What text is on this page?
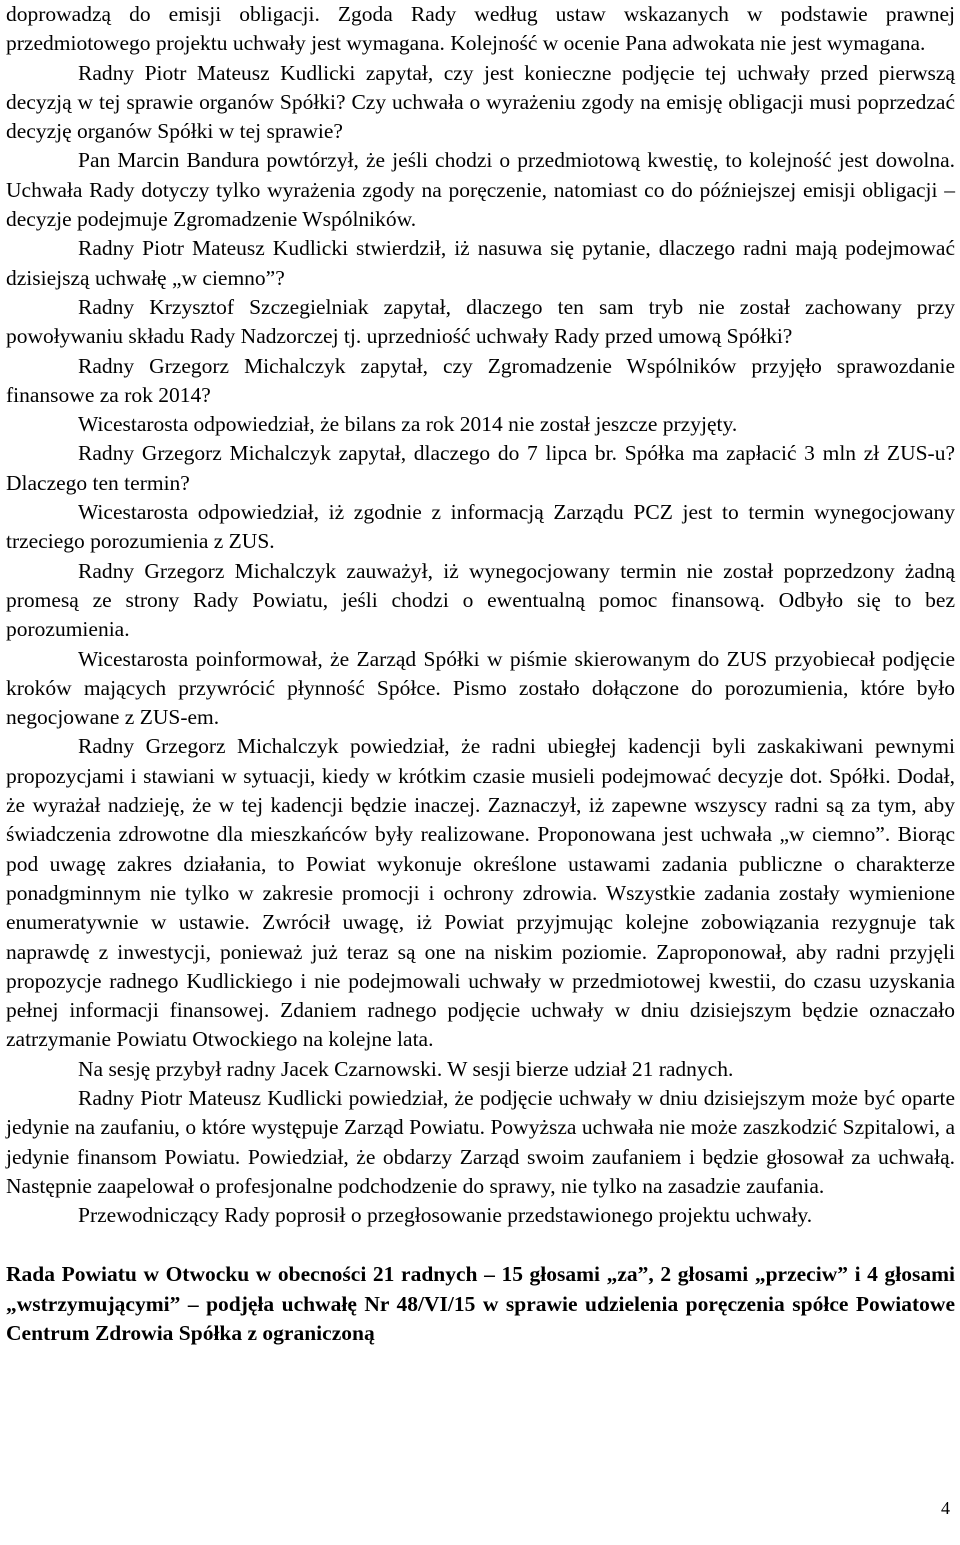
doprowadzą do emisji obligacji. Zgoda Rady według ustaw wskazanych w podstawie prawnej przedmiotowego projektu uchwały jest wymagana. Kolejność w ocenie Pana adwokata nie jest wymagana.

Radny Piotr Mateusz Kudlicki zapytał, czy jest konieczne podjęcie tej uchwały przed pierwszą decyzją w tej sprawie organów Spółki? Czy uchwała o wyrażeniu zgody na emisję obligacji musi poprzedzać decyzję organów Spółki w tej sprawie?

Pan Marcin Bandura powtórzył, że jeśli chodzi o przedmiotową kwestię, to kolejność jest dowolna. Uchwała Rady dotyczy tylko wyrażenia zgody na poręczenie, natomiast co do późniejszej emisji obligacji – decyzje podejmuje Zgromadzenie Wspólników.

Radny Piotr Mateusz Kudlicki stwierdził, iż nasuwa się pytanie, dlaczego radni mają podejmować dzisiejszą uchwałę „w ciemno”?

Radny Krzysztof Szczegielniak zapytał, dlaczego ten sam tryb nie został zachowany przy powoływaniu składu Rady Nadzorczej tj. uprzedniość uchwały Rady przed umową Spółki?

Radny Grzegorz Michalczyk zapytał, czy Zgromadzenie Wspólników przyjęło sprawozdanie finansowe za rok 2014?

Wicestarosta odpowiedział, że bilans za rok 2014 nie został jeszcze przyjęty.

Radny Grzegorz Michalczyk zapytał, dlaczego do 7 lipca br. Spółka ma zapłacić 3 mln zł ZUS-u? Dlaczego ten termin?

Wicestarosta odpowiedział, iż zgodnie z informacją Zarządu PCZ jest to termin wynegocjowany trzeciego porozumienia z ZUS.

Radny Grzegorz Michalczyk zauważył, iż wynegocjowany termin nie został poprzedzony żadną promesą ze strony Rady Powiatu, jeśli chodzi o ewentualną pomoc finansową. Odbyło się to bez porozumienia.

Wicestarosta poinformował, że Zarząd Spółki w piśmie skierowanym do ZUS przyobiecał podjęcie kroków mających przywrócić płynność Spółce. Pismo zostało dołączone do porozumienia, które było negocjowane z ZUS-em.

Radny Grzegorz Michalczyk powiedział, że radni ubiegłej kadencji byli zaskakiwani pewnymi propozycjami i stawiani w sytuacji, kiedy w krótkim czasie musieli podejmować decyzje dot. Spółki. Dodał, że wyrażał nadzieję, że w tej kadencji będzie inaczej. Zaznaczył, iż zapewne wszyscy radni są za tym, aby świadczenia zdrowotne dla mieszkańców były realizowane. Proponowana jest uchwała „w ciemno”. Biorąc pod uwagę zakres działania, to Powiat wykonuje określone ustawami zadania publiczne o charakterze ponadgminnym nie tylko w zakresie promocji i ochrony zdrowia. Wszystkie zadania zostały wymienione enumeratywnie w ustawie. Zwrócił uwagę, iż Powiat przyjmując kolejne zobowiązania rezygnuje tak naprawdę z inwestycji, ponieważ już teraz są one na niskim poziomie. Zaproponował, aby radni przyjęli propozycje radnego Kudlickiego i nie podejmowali uchwały w przedmiotowej kwestii, do czasu uzyskania pełnej informacji finansowej. Zdaniem radnego podjęcie uchwały w dniu dzisiejszym będzie oznaczało zatrzymanie Powiatu Otwockiego na kolejne lata.

Na sesję przybył radny Jacek Czarnowski. W sesji bierze udział 21 radnych.

Radny Piotr Mateusz Kudlicki powiedział, że podjęcie uchwały w dniu dzisiejszym może być oparte jedynie na zaufaniu, o które występuje Zarząd Powiatu. Powyższa uchwała nie może zaszkodzić Szpitalowi, a jedynie finansom Powiatu. Powiedział, że obdarzy Zarząd swoim zaufaniem i będzie głosował za uchwałą. Następnie zaapelował o profesjonalne podchodzenie do sprawy, nie tylko na zasadzie zaufania.

Przewodniczący Rady poprosił o przegłosowanie przedstawionego projektu uchwały.

Rada Powiatu w Otwocku w obecności 21 radnych – 15 głosami „za”, 2 głosami „przeciw” i 4 głosami „wstrzymującymi” – podjęła uchwałę Nr 48/VI/15 w sprawie udzielenia poręczenia spółce Powiatowe Centrum Zdrowia Spółka z ograniczoną

4
